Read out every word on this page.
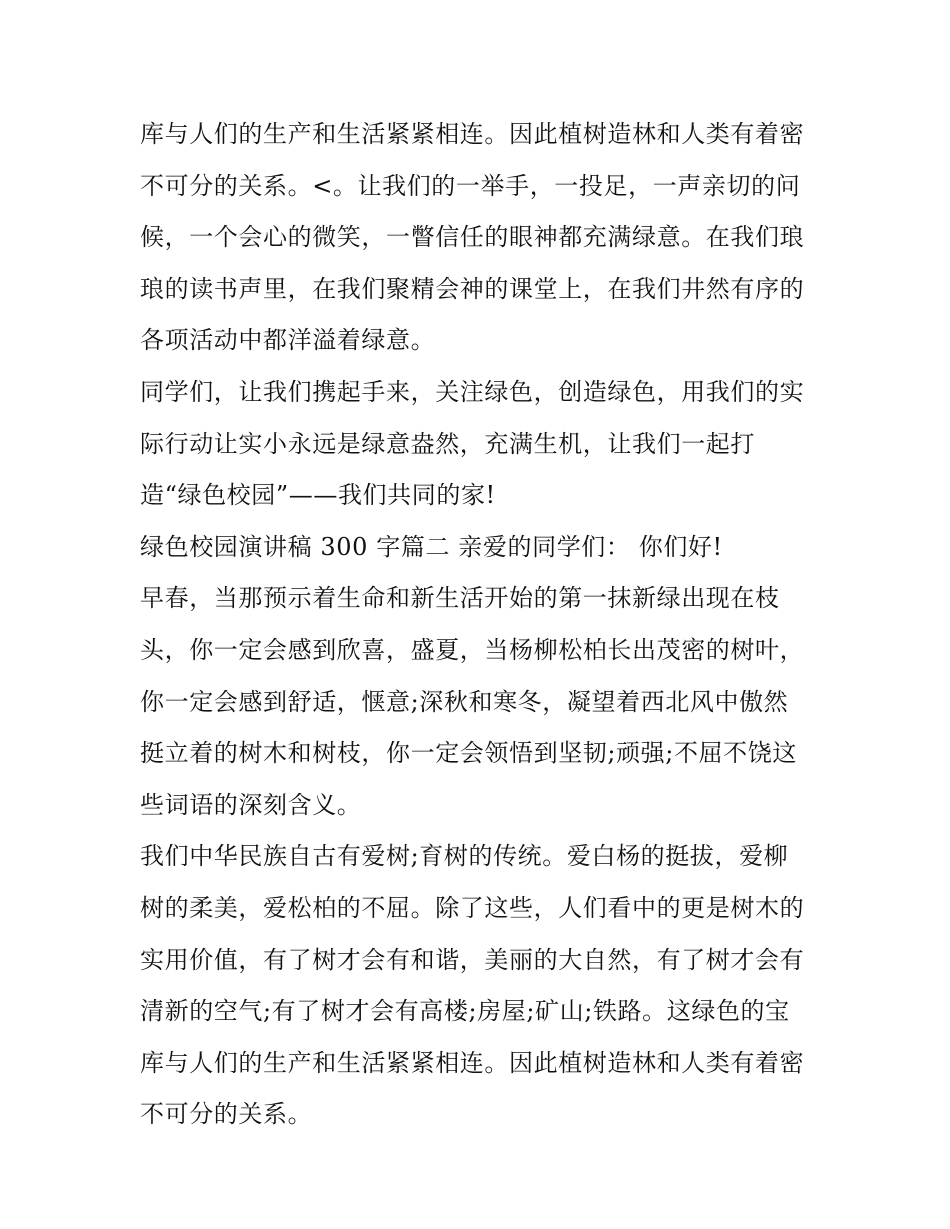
库与人们的生产和生活紧紧相连。因此植树造林和人类有着密
不可分的关系。<。让我们的一举手，一投足，一声亲切的问
候，一个会心的微笑，一瞥信任的眼神都充满绿意。在我们琅
琅的读书声里，在我们聚精会神的课堂上，在我们井然有序的
各项活动中都洋溢着绿意。
同学们，让我们携起手来，关注绿色，创造绿色，用我们的实
际行动让实小永远是绿意盎然，充满生机，让我们一起打
造“绿色校园”——我们共同的家!
绿色校园演讲稿 300 字篇二 亲爱的同学们： 你们好!
早春，当那预示着生命和新生活开始的第一抹新绿出现在枝
头，你一定会感到欣喜，盛夏，当杨柳松柏长出茂密的树叶，
你一定会感到舒适，惬意;深秋和寒冬，凝望着西北风中傲然
挺立着的树木和树枝，你一定会领悟到坚韧;顽强;不屈不饶这
些词语的深刻含义。
我们中华民族自古有爱树;育树的传统。爱白杨的挺拔，爱柳
树的柔美，爱松柏的不屈。除了这些，人们看中的更是树木的
实用价值，有了树才会有和谐，美丽的大自然，有了树才会有
清新的空气;有了树才会有高楼;房屋;矿山;铁路。这绿色的宝
库与人们的生产和生活紧紧相连。因此植树造林和人类有着密
不可分的关系。
